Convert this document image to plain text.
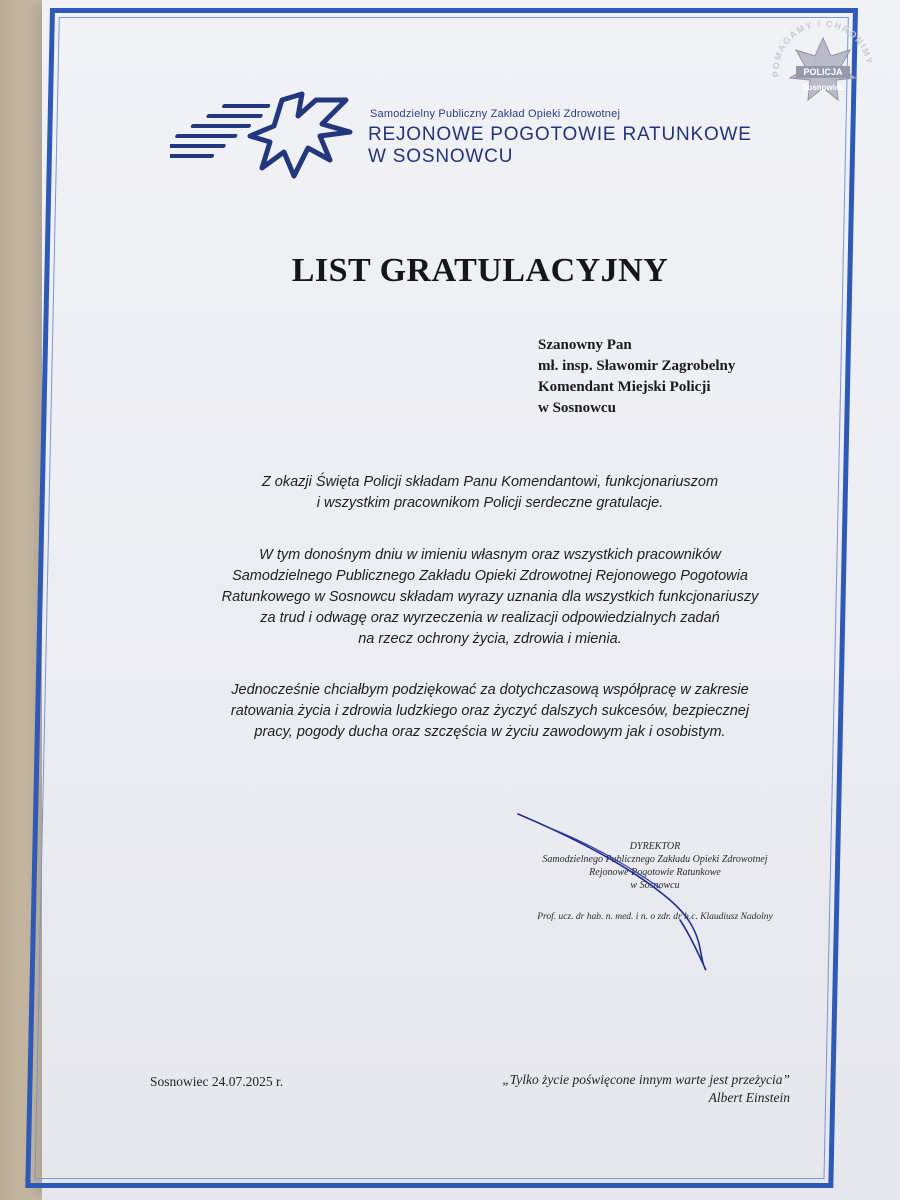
Samodzielny Publiczny Zakład Opieki Zdrowotnej
REJONOWE POGOTOWIE RATUNKOWE
W SOSNOWCU
POMAGAMY I CHRONIMY
POLICJA
Sosnowiec
LIST GRATULACYJNY
Szanowny Pan
mł. insp. Sławomir Zagrobelny
Komendant Miejski Policji
w Sosnowcu
Z okazji Święta Policji składam Panu Komendantowi, funkcjonariuszom
i wszystkim pracownikom Policji serdeczne gratulacje.
W tym donośnym dniu w imieniu własnym oraz wszystkich pracowników
Samodzielnego Publicznego Zakładu Opieki Zdrowotnej Rejonowego Pogotowia
Ratunkowego w Sosnowcu składam wyrazy uznania dla wszystkich funkcjonariuszy
za trud i odwagę oraz wyrzeczenia w realizacji odpowiedzialnych zadań
na rzecz ochrony życia, zdrowia i mienia.
Jednocześnie chciałbym podziękować za dotychczasową współpracę w zakresie
ratowania życia i zdrowia ludzkiego oraz życzyć dalszych sukcesów, bezpiecznej
pracy, pogody ducha oraz szczęścia w życiu zawodowym jak i osobistym.
DYREKTOR
Samodzielnego Publicznego Zakładu Opieki Zdrowotnej
Rejonowe Pogotowie Ratunkowe
w Sosnowcu
Prof. ucz. dr hab. n. med. i n. o zdr. dr h.c. Klaudiusz Nadolny
Sosnowiec 24.07.2025 r.	„Tylko życie poświęcone innym warte jest przeżycia”
Albert Einstein
